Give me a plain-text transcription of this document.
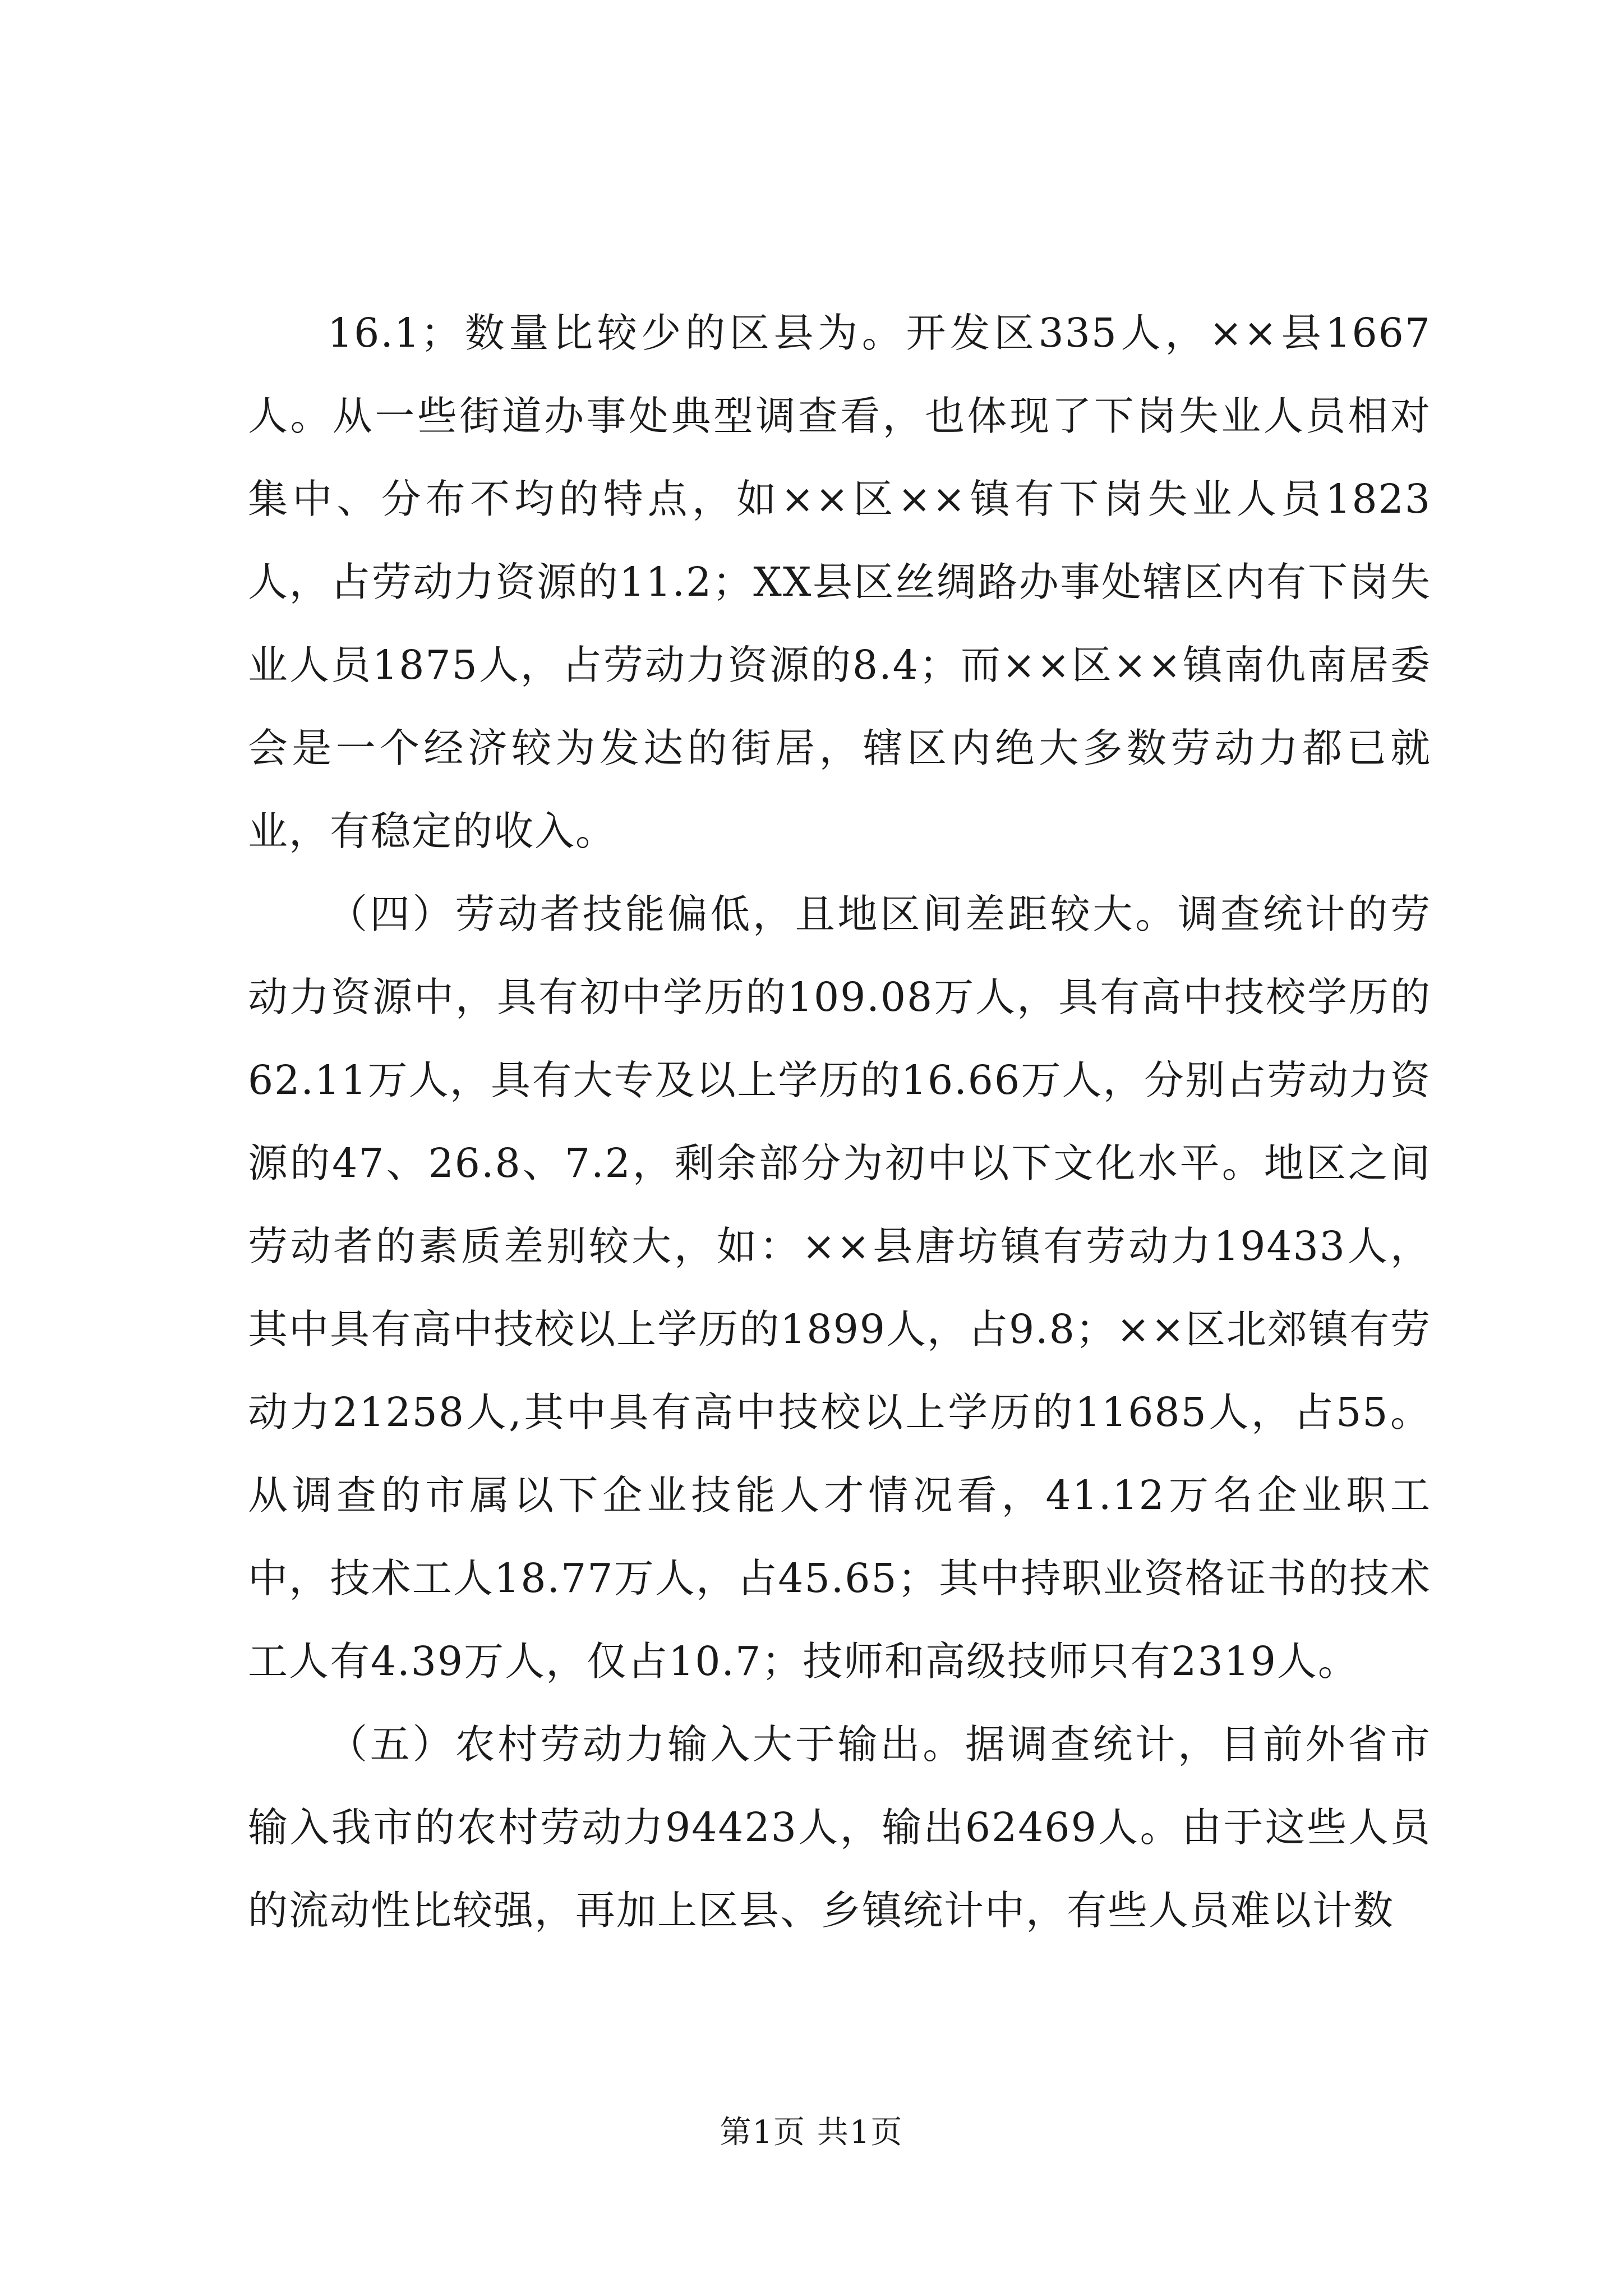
16.1；数量比较少的区县为。开发区335人，××县1667人。从一些街道办事处典型调查看，也体现了下岗失业人员相对集中、分布不均的特点，如××区××镇有下岗失业人员1823人，占劳动力资源的11.2；XX县区丝绸路办事处辖区内有下岗失业人员1875人，占劳动力资源的8.4；而××区××镇南仇南居委会是一个经济较为发达的街居，辖区内绝大多数劳动力都已就业，有稳定的收入。

（四）劳动者技能偏低，且地区间差距较大。调查统计的劳动力资源中，具有初中学历的109.08万人，具有高中技校学历的62.11万人，具有大专及以上学历的16.66万人，分别占劳动力资源的47、26.8、7.2，剩余部分为初中以下文化水平。地区之间劳动者的素质差别较大，如：××县唐坊镇有劳动力19433人，其中具有高中技校以上学历的1899人，占9.8；××区北郊镇有劳动力21258人,其中具有高中技校以上学历的11685人，占55。从调查的市属以下企业技能人才情况看，41.12万名企业职工中，技术工人18.77万人，占45.65；其中持职业资格证书的技术工人有4.39万人，仅占10.7；技师和高级技师只有2319人。

（五）农村劳动力输入大于输出。据调查统计，目前外省市输入我市的农村劳动力94423人，输出62469人。由于这些人员的流动性比较强，再加上区县、乡镇统计中，有些人员难以计数

第1页 共1页
